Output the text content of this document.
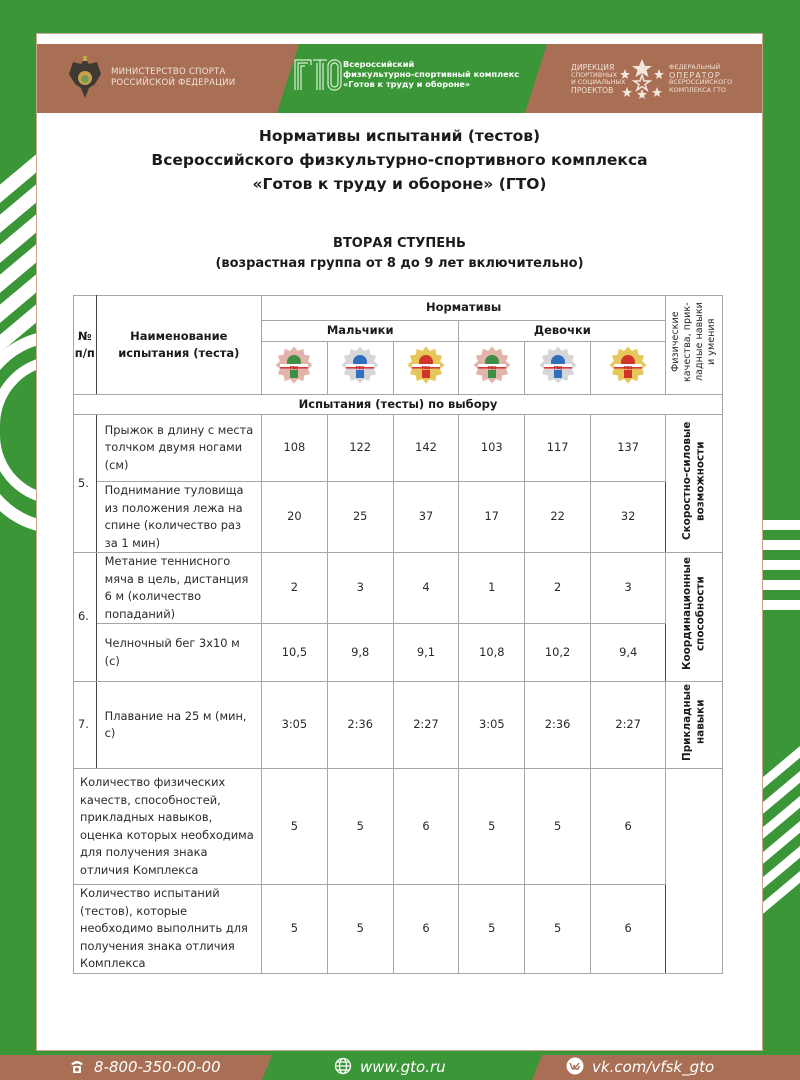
МИНИСТЕРСТВО СПОРТА
РОССИЙСКОЙ ФЕДЕРАЦИИ
Всероссийский
физкультурно-спортивный комплекс
«Готов к труду и обороне»
ДИРЕКЦИЯ
СПОРТИВНЫХ
И СОЦИАЛЬНЫХ
ПРОЕКТОВ
ФЕДЕРАЛЬНЫЙ
ОПЕРАТОР
ВСЕРОССИЙСКОГО
КОМПЛЕКСА ГТО
Нормативы испытаний (тестов)
Всероссийского физкультурно-спортивного комплекса
«Готов к труду и обороне» (ГТО)
ВТОРАЯ СТУПЕНЬ
(возрастная группа от 8 до 9 лет включительно)
№ п/п	Наименование испытания (теста)	Нормативы						Физические качества, прик-ладные навыки и умения
		Мальчики			Девочки			

ГТО	ГТО	ГТО	ГТО	ГТО	ГТО	

Испытания (тесты) по выбору								
5.	Прыжок в длину с места толчком двумя ногами (см)	108	122	142	103	117	137	Скоростно-силовые возможности
	Поднимание туловища из положения лежа на спине (количество раз за 1 мин)	20	25	37	17	22	32	
6.	Метание теннисного мяча в цель, дистанция 6 м (количество попаданий)	2	3	4	1	2	3	Координационные способности
	Челночный бег 3х10 м (с)	10,5	9,8	9,1	10,8	10,2	9,4	
7.	Плавание на 25 м (мин, с)	3:05	2:36	2:27	3:05	2:36	2:27	Прикладные навыки
Количество физических качеств, способностей, прикладных навыков, оценка которых необходима для получения знака отличия Комплекса		5	5	6	5	5	6	
Количество испытаний (тестов), которые необходимо выполнить для получения знака отличия Комплекса		5	5	6	5	5	6	
8-800-350-00-00	www.gto.ru	vk.com/vfsk_gto
